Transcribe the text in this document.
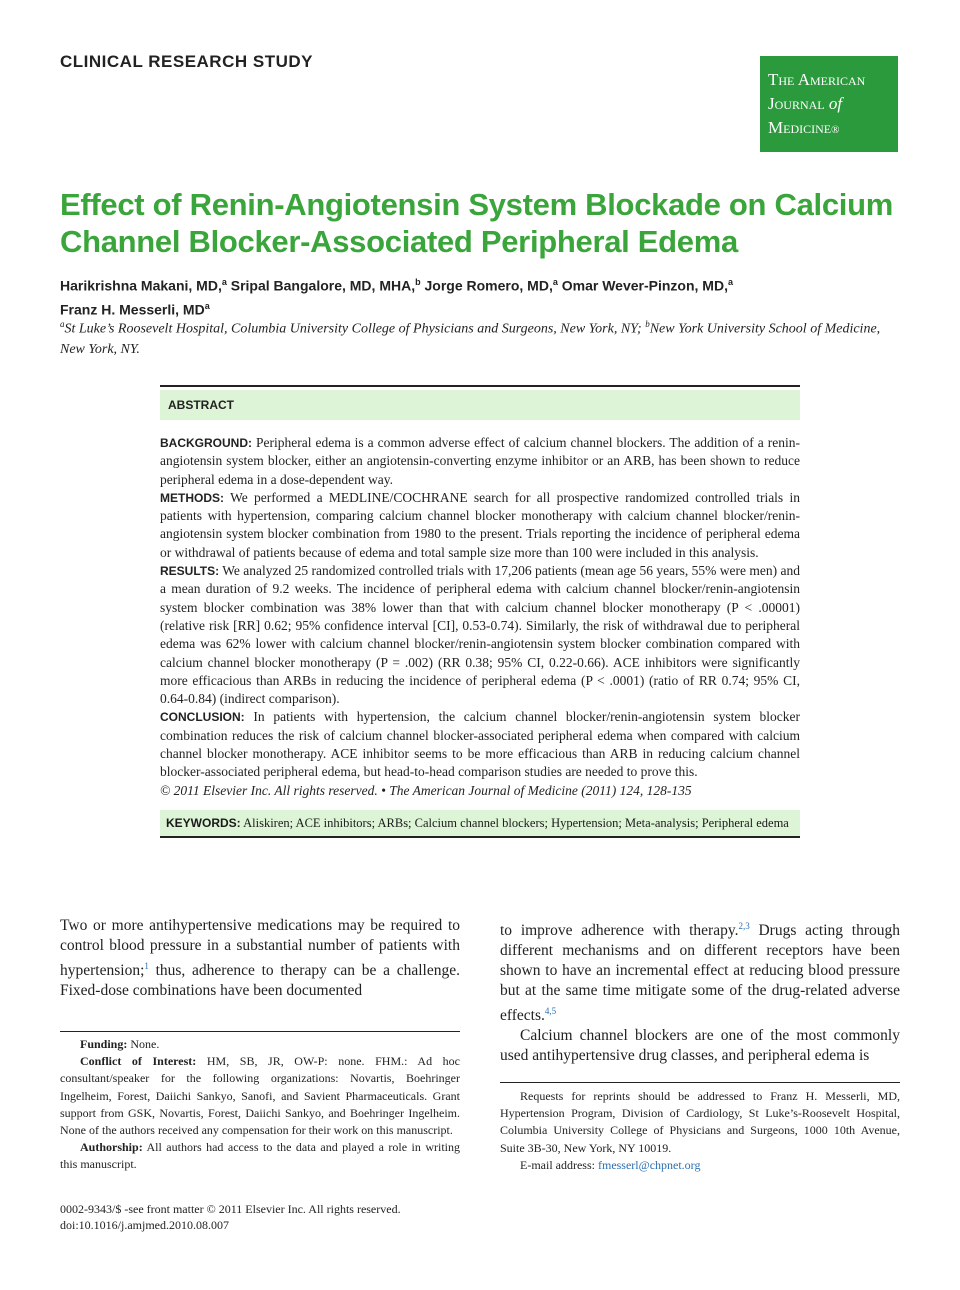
CLINICAL RESEARCH STUDY
The American
Journal of
Medicine®
Effect of Renin-Angiotensin System Blockade on Calcium Channel Blocker-Associated Peripheral Edema
Harikrishna Makani, MD,$^a$ Sripal Bangalore, MD, MHA,$^b$ Jorge Romero, MD,$^a$ Omar Wever-Pinzon, MD,$^a$
Franz H. Messerli, $MD^a$
$^a$St Luke’s Roosevelt Hospital, Columbia University College of Physicians and Surgeons, New York, NY; $^b$New York University School of Medicine, New York, NY.
ABSTRACT

BACKGROUND: Peripheral edema is a common adverse effect of calcium channel blockers. The addition of a renin-angiotensin system blocker, either an angiotensin-converting enzyme inhibitor or an ARB, has been shown to reduce peripheral edema in a dose-dependent way.

METHODS: We performed a MEDLINE/COCHRANE search for all prospective randomized controlled trials in patients with hypertension, comparing calcium channel blocker monotherapy with calcium channel blocker/renin-angiotensin system blocker combination from 1980 to the present. Trials reporting the incidence of peripheral edema or withdrawal of patients because of edema and total sample size more than 100 were included in this analysis.

RESULTS: We analyzed 25 randomized controlled trials with 17,206 patients (mean age 56 years, 55% were men) and a mean duration of 9.2 weeks. The incidence of peripheral edema with calcium channel blocker/renin-angiotensin system blocker combination was 38% lower than that with calcium channel blocker monotherapy (P < .00001) (relative risk [RR] 0.62; 95% confidence interval [CI], 0.53-0.74). Similarly, the risk of withdrawal due to peripheral edema was 62% lower with calcium channel blocker/renin-angiotensin system blocker combination compared with calcium channel blocker monotherapy (P = .002) (RR 0.38; 95% CI, 0.22-0.66). ACE inhibitors were significantly more efficacious than ARBs in reducing the incidence of peripheral edema (P < .0001) (ratio of RR 0.74; 95% CI, 0.64-0.84) (indirect comparison).

CONCLUSION: In patients with hypertension, the calcium channel blocker/renin-angiotensin system blocker combination reduces the risk of calcium channel blocker-associated peripheral edema when compared with calcium channel blocker monotherapy. ACE inhibitor seems to be more efficacious than ARB in reducing calcium channel blocker-associated peripheral edema, but head-to-head comparison studies are needed to prove this.

© 2011 Elsevier Inc. All rights reserved. • The American Journal of Medicine (2011) 124, 128-135

KEYWORDS: Aliskiren; ACE inhibitors; ARBs; Calcium channel blockers; Hypertension; Meta-analysis; Peripheral edema

Two or more antihypertensive medications may be required to control blood pressure in a substantial number of patients with hypertension;$^1$ thus, adherence to therapy can be a challenge. Fixed-dose combinations have been documented

to improve adherence with therapy.$^{2,3}$ Drugs acting through different mechanisms and on different receptors have been shown to have an incremental effect at reducing blood pressure but at the same time mitigate some of the drug-related adverse effects.$^{4,5}$

Calcium channel blockers are one of the most commonly used antihypertensive drug classes, and peripheral edema is

Funding: None.

Conflict of Interest: HM, SB, JR, OW-P: none. FHM.: Ad hoc consultant/speaker for the following organizations: Novartis, Boehringer Ingelheim, Forest, Daiichi Sankyo, Sanofi, and Savient Pharmaceuticals. Grant support from GSK, Novartis, Forest, Daiichi Sankyo, and Boehringer Ingelheim. None of the authors received any compensation for their work on this manuscript.

Authorship: All authors had access to the data and played a role in writing this manuscript.

Requests for reprints should be addressed to Franz H. Messerli, MD, Hypertension Program, Division of Cardiology, St Luke’s-Roosevelt Hospital, Columbia University College of Physicians and Surgeons, 1000 10th Avenue, Suite 3B-30, New York, NY 10019.

E-mail address: fmesserl@chpnet.org

0002-9343/$ -see front matter © 2011 Elsevier Inc. All rights reserved.
doi:10.1016/j.amjmed.2010.08.007
